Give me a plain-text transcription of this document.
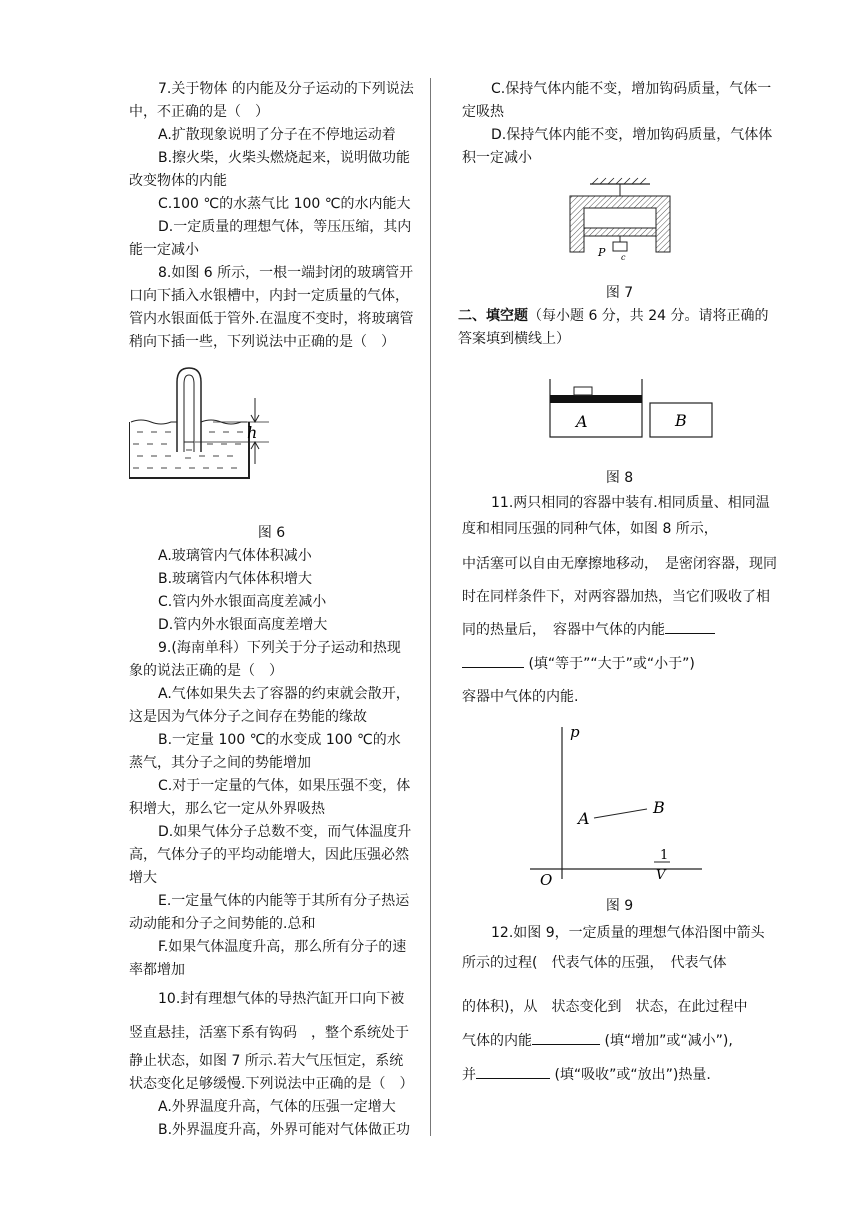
7.关于物体 的内能及分子运动的下列说法中，不正确的是（　）

A.扩散现象说明了分子在不停地运动着

B.擦火柴，火柴头燃烧起来，说明做功能改变物体的内能

C.100 ℃的水蒸气比 100 ℃的水内能大

D.一定质量的理想气体，等压压缩，其内能一定减小

8.如图 6 所示，一根一端封闭的玻璃管开口向下插入水银槽中，内封一定质量的气体，管内水银面低于管外.在温度不变时，将玻璃管稍向下插一些，下列说法中正确的是（　）

h

图 6

A.玻璃管内气体体积减小

B.玻璃管内气体体积增大

C.管内外水银面高度差减小

D.管内外水银面高度差增大

9.(海南单科）下列关于分子运动和热现象的说法正确的是（　）

A.气体如果失去了容器的约束就会散开，这是因为气体分子之间存在势能的缘故

B.一定量 100 ℃的水变成 100 ℃的水蒸气，其分子之间的势能增加

C.对于一定量的气体，如果压强不变，体积增大，那么它一定从外界吸热

D.如果气体分子总数不变，而气体温度升高，气体分子的平均动能增大，因此压强必然增大

E.一定量气体的内能等于其所有分子热运动动能和分子之间势能的.总和

F.如果气体温度升高，那么所有分子的速率都增加

10.封有理想气体的导热汽缸开口向下被

竖直悬挂，活塞下系有钩码　，整个系统处于

静止状态，如图 7 所示.若大气压恒定，系统状态变化足够缓慢.下列说法中正确的是（　）

A.外界温度升高，气体的压强一定增大

B.外界温度升高，外界可能对气体做正功

C.保持气体内能不变，增加钩码质量，气体一定吸热

D.保持气体内能不变，增加钩码质量，气体体积一定减小

P c

图 7

二、填空题（每小题 6 分，共 24 分。请将正确的答案填到横线上）

A	B

图 8

11.两只相同的容器中装有.相同质量、相同温度和相同压强的同种气体，如图 8 所示，

中活塞可以自由无摩擦地移动，　是密闭容器，现同时在同样条件下，对两容器加热，当它们吸收了相同的热量后，　容器中气体的内能

(填“等于”“大于”或“小于”)

容器中气体的内能.

p
O
A
B
1
V

图 9

12.如图 9，一定质量的理想气体沿图中箭头所示的过程(　代表气体的压强，　代表气体

的体积)，从　状态变化到　状态，在此过程中

气体的内能	(填“增加”或“减小”),

并	(填“吸收”或“放出”)热量.
